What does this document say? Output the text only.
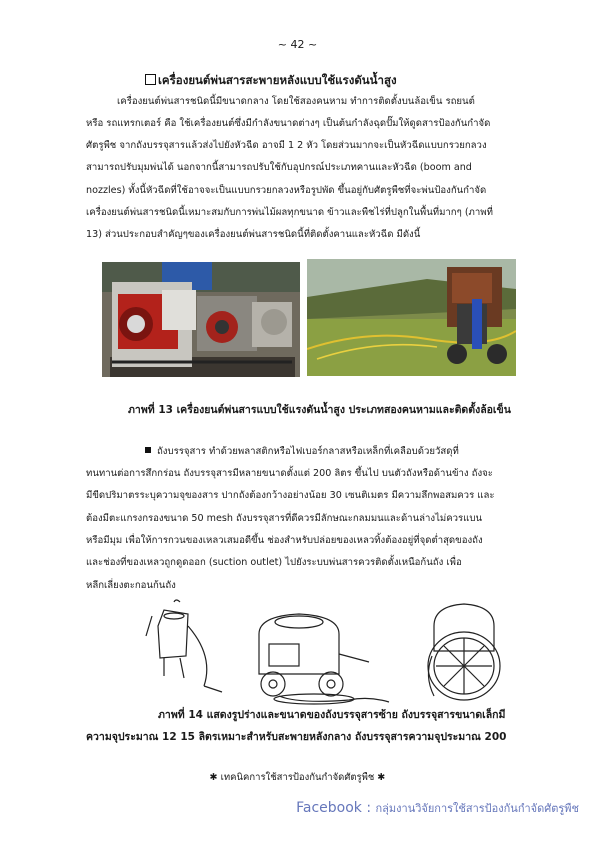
~ 42 ~
เครื่องยนต์พ่นสารสะพายหลังแบบใช้แรงดันน้ำสูง
เครื่องยนต์พ่นสารชนิดนี้มีขนาดกลาง โดยใช้สองคนหาม ทำการติดตั้งบนล้อเข็น รถยนต์
หรือ รถแทรกเตอร์ คือ ใช้เครื่องยนต์ซึ่งมีกำลังขนาดต่างๆ เป็นต้นกำลังฉุดปั๊มให้ดูดสารป้องกันกำจัด
ศัตรูพืช จากถังบรรจุสารแล้วส่งไปยังหัวฉีด อาจมี 1 2 หัว โดยส่วนมากจะเป็นหัวฉีดแบบกรวยกลวง
สามารถปรับมุมพ่นได้ นอกจากนี้สามารถปรับใช้กับอุปกรณ์ประเภทคานและหัวฉีด (boom and
nozzles) ทั้งนี้หัวฉีดที่ใช้อาจจะเป็นแบบกรวยกลวงหรือรูปพัด ขึ้นอยู่กับศัตรูพืชที่จะพ่นป้องกันกำจัด
เครื่องยนต์พ่นสารชนิดนี้เหมาะสมกับการพ่นไม้ผลทุกขนาด ข้าวและพืชไร่ที่ปลูกในพื้นที่มากๆ (ภาพที่
13) ส่วนประกอบสำคัญๆของเครื่องยนต์พ่นสารชนิดนี้ที่ติดตั้งคานและหัวฉีด มีดังนี้
ภาพที่ 13 เครื่องยนต์พ่นสารแบบใช้แรงดันน้ำสูง ประเภทสองคนหามและติดตั้งล้อเข็น
ถังบรรจุสาร ทำด้วยพลาสติกหรือไฟเบอร์กลาสหรือเหล็กที่เคลือบด้วยวัสดุที่
ทนทานต่อการสึกกร่อน ถังบรรจุสารมีหลายขนาดตั้งแต่ 200 ลิตร ขึ้นไป บนตัวถังหรือด้านข้าง ถังจะ
มีขีดปริมาตรระบุความจุของสาร ปากถังต้องกว้างอย่างน้อย 30 เซนติเมตร มีความลึกพอสมควร และ
ต้องมีตะแกรงกรองขนาด 50 mesh ถังบรรจุสารที่ดีควรมีลักษณะกลมมนและด้านล่างไม่ควรแบน
หรือมีมุม เพื่อให้การกวนของเหลวเสมอดีขึ้น ช่องสำหรับปล่อยของเหลวทิ้งต้องอยู่ที่จุดต่ำสุดของถัง
และช่องที่ของเหลวถูกดูดออก (suction outlet) ไปยังระบบพ่นสารควรติดตั้งเหนือก้นถัง เพื่อ
หลีกเลี่ยงตะกอนก้นถัง
ภาพที่ 14 แสดงรูปร่างและขนาดของถังบรรจุสารซ้าย ถังบรรจุสารขนาดเล็กมี
ความจุประมาณ 12 15 ลิตรเหมาะสำหรับสะพายหลังกลาง ถังบรรจุสารความจุประมาณ 200
✱ เทคนิคการใช้สารป้องกันกำจัดศัตรูพืช ✱
Facebook : กลุ่มงานวิจัยการใช้สารป้องกันกำจัดศัตรูพืช
